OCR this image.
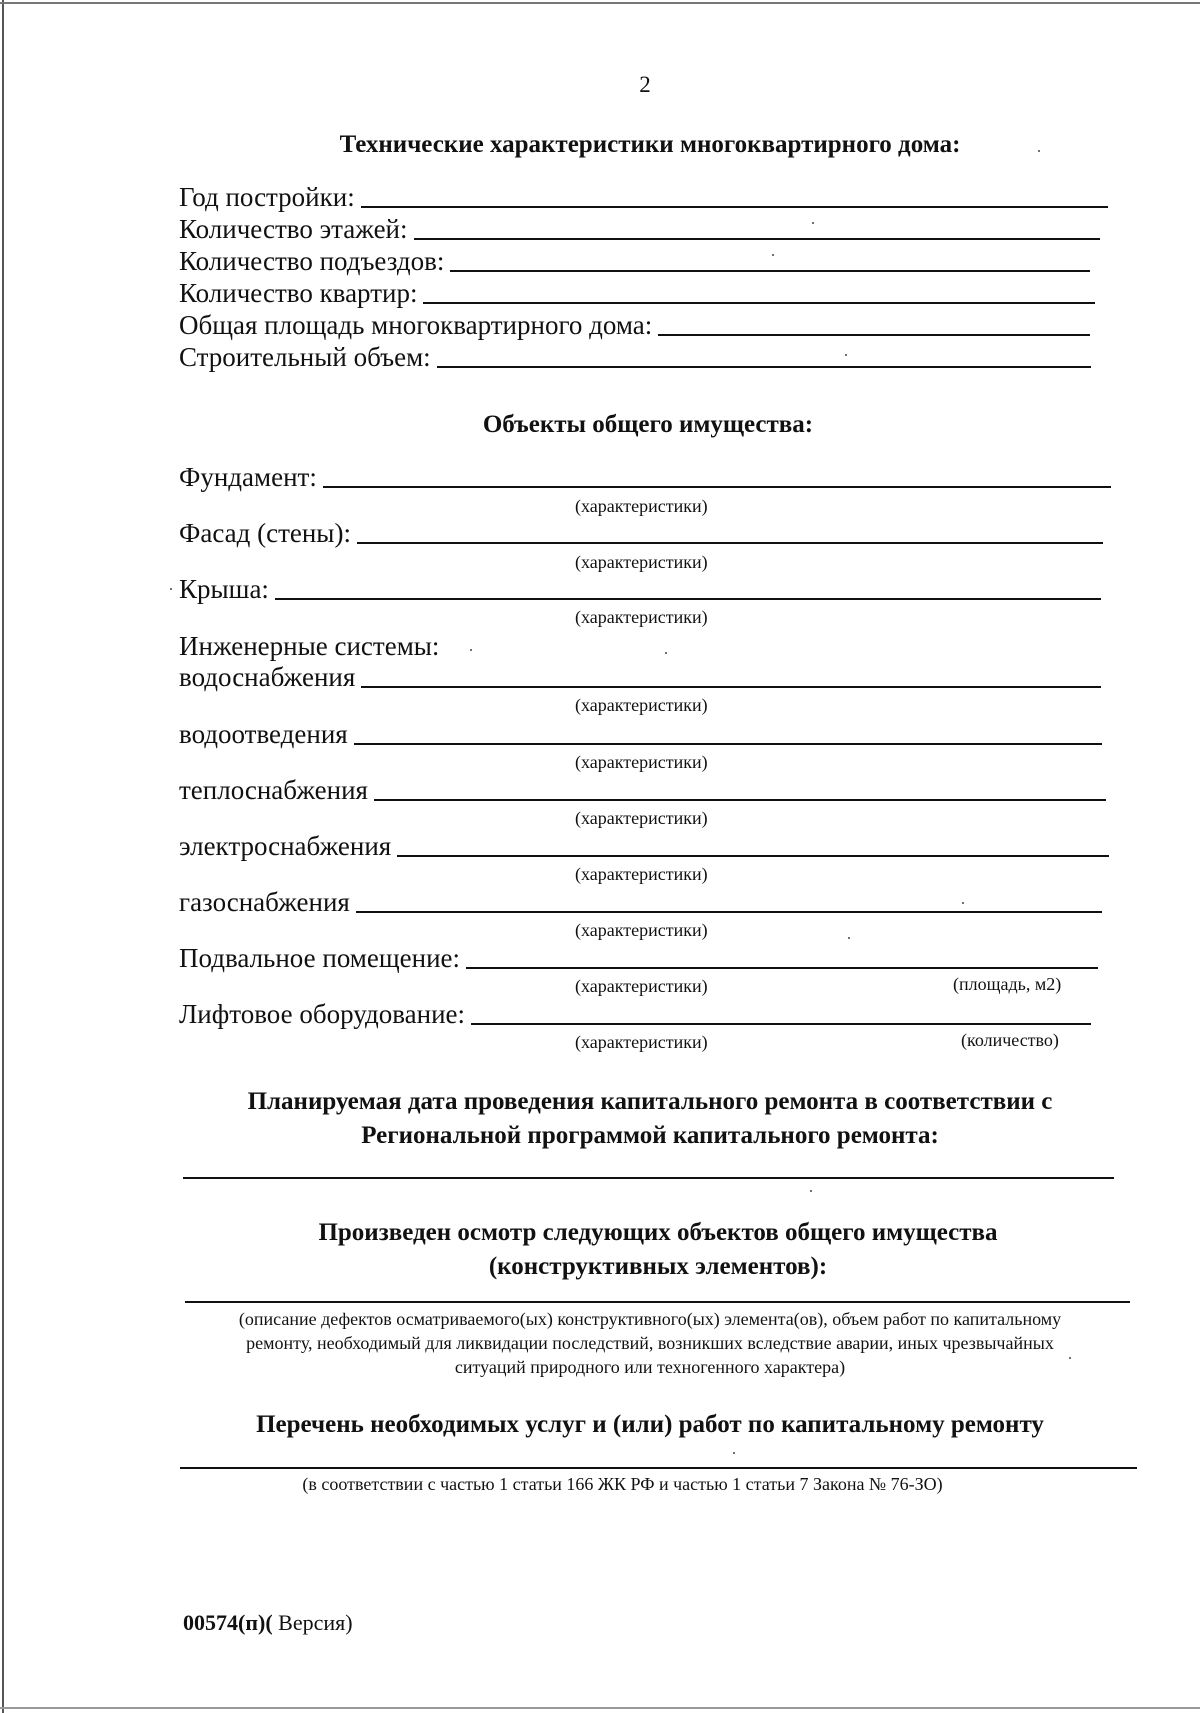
2
Технические характеристики многоквартирного дома:
Год постройки:
Количество этажей:
Количество подъездов:
Количество квартир:
Общая площадь многоквартирного дома:
Строительный объем:
Объекты общего имущества:
Фундамент:
(характеристики)
Фасад (стены):
(характеристики)
Крыша:
(характеристики)
Инженерные системы:
водоснабжения
(характеристики)
водоотведения
(характеристики)
теплоснабжения
(характеристики)
электроснабжения
(характеристики)
газоснабжения
(характеристики)
Подвальное помещение:
(характеристики)	(площадь, м2)
Лифтовое оборудование:
(характеристики)	(количество)
Планируемая дата проведения капитального ремонта в соответствии с
Региональной программой капитального ремонта:
Произведен осмотр следующих объектов общего имущества
(конструктивных элементов):
(описание дефектов осматриваемого(ых) конструктивного(ых) элемента(ов), объем работ по капитальному
ремонту, необходимый для ликвидации последствий, возникших вследствие аварии, иных чрезвычайных
ситуаций природного или техногенного характера)
Перечень необходимых услуг и (или) работ по капитальному ремонту
(в соответствии с частью 1 статьи 166 ЖК РФ и частью 1 статьи 7 Закона № 76-ЗО)
00574(п)( Версия)
